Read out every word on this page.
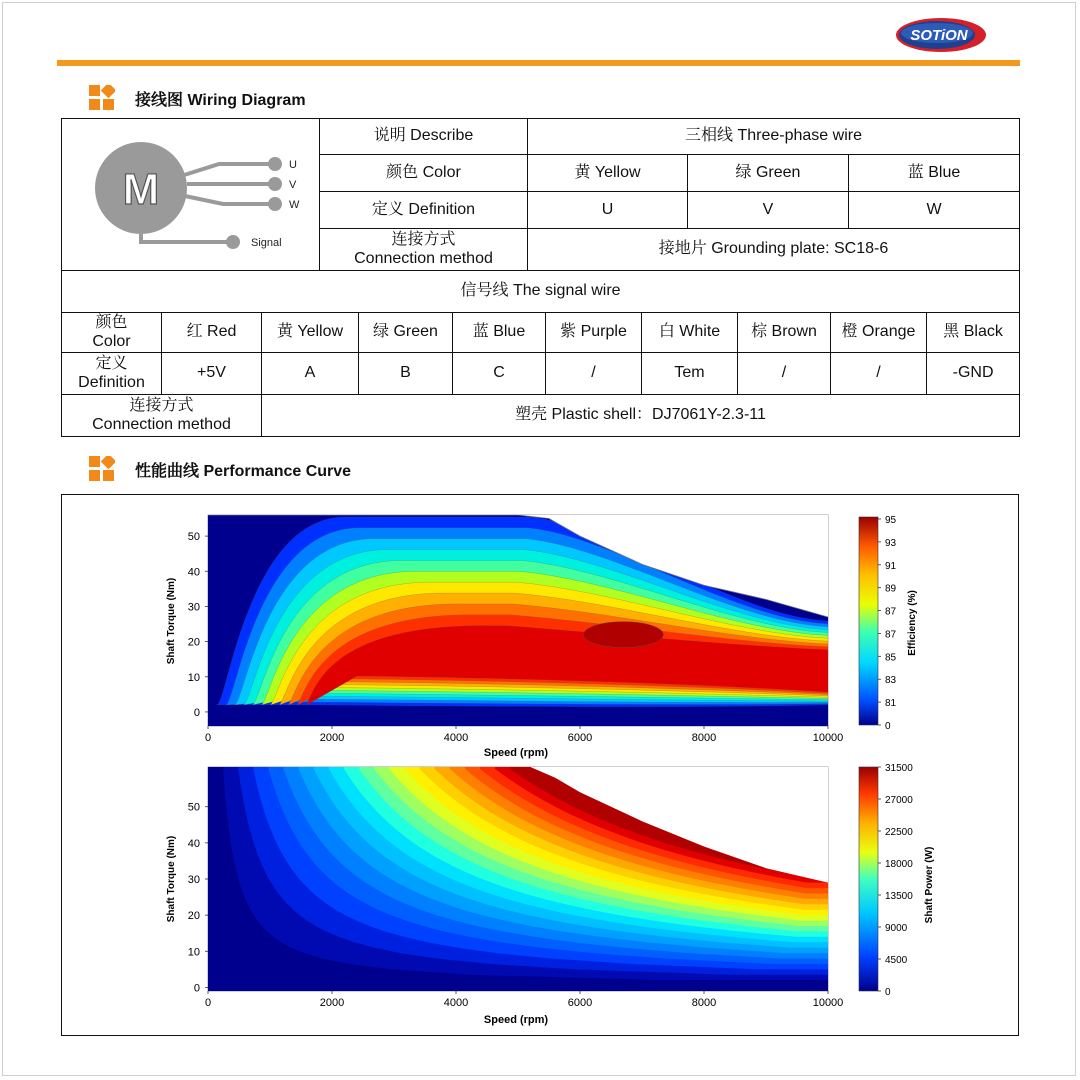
SOTiON
接线图 Wiring Diagram
M U
V
W
Signal	说明 Describe	三相线 Three-phase wire		
	颜色 Color	黄 Yellow	绿 Green	蓝 Blue
	定义 Definition	U	V	W
	连接方式
Connection method	接地片 Grounding plate: SC18-6		
信号线 The signal wire									
颜色
Color	红 Red	黄 Yellow	绿 Green	蓝 Blue	紫 Purple	白 White	棕 Brown	橙 Orange	黑 Black
定义
Definition	+5V	A	B	C	/	Tem	/	/	-GND
连接方式
Connection method	塑壳 Plastic shell：DJ7061Y-2.3-11
性能曲线 Performance Curve
0	2000	4000	6000	8000	10000
0
10
20
30
40
50
95
93
91
89
87
87
85
83
81
0
Speed (rpm)
Shaft Torque (Nm)	Efficiency (%)
0	2000	4000	6000	8000	10000
0
10
20
30
40
50
31500
27000
22500
18000
13500
9000
4500
0
Speed (rpm)
Shaft Torque (Nm)	Shaft Power (W)
